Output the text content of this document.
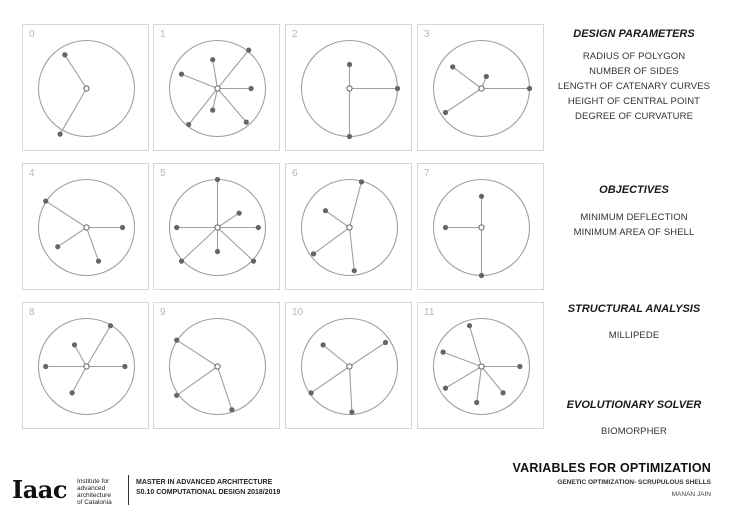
0	1	2	3
4	5	6	7
8	9	10	11
DESIGN PARAMETERS
RADIUS OF POLYGON
NUMBER OF SIDES
LENGTH OF CATENARY CURVES
HEIGHT OF CENTRAL POINT
DEGREE OF CURVATURE
OBJECTIVES
MINIMUM DEFLECTION
MINIMUM AREA OF SHELL
STRUCTURAL ANALYSIS
MILLIPEDE
EVOLUTIONARY SOLVER
BIOMORPHER
Iaac Institute for
advanced
architecture
of Catalonia
MASTER IN ADVANCED ARCHITECTURE
S0.10 COMPUTATIONAL DESIGN 2018/2019
VARIABLES FOR OPTIMIZATION
GENETIC OPTIMIZATION- SCRUPULOUS SHELLS
MANAN JAIN
